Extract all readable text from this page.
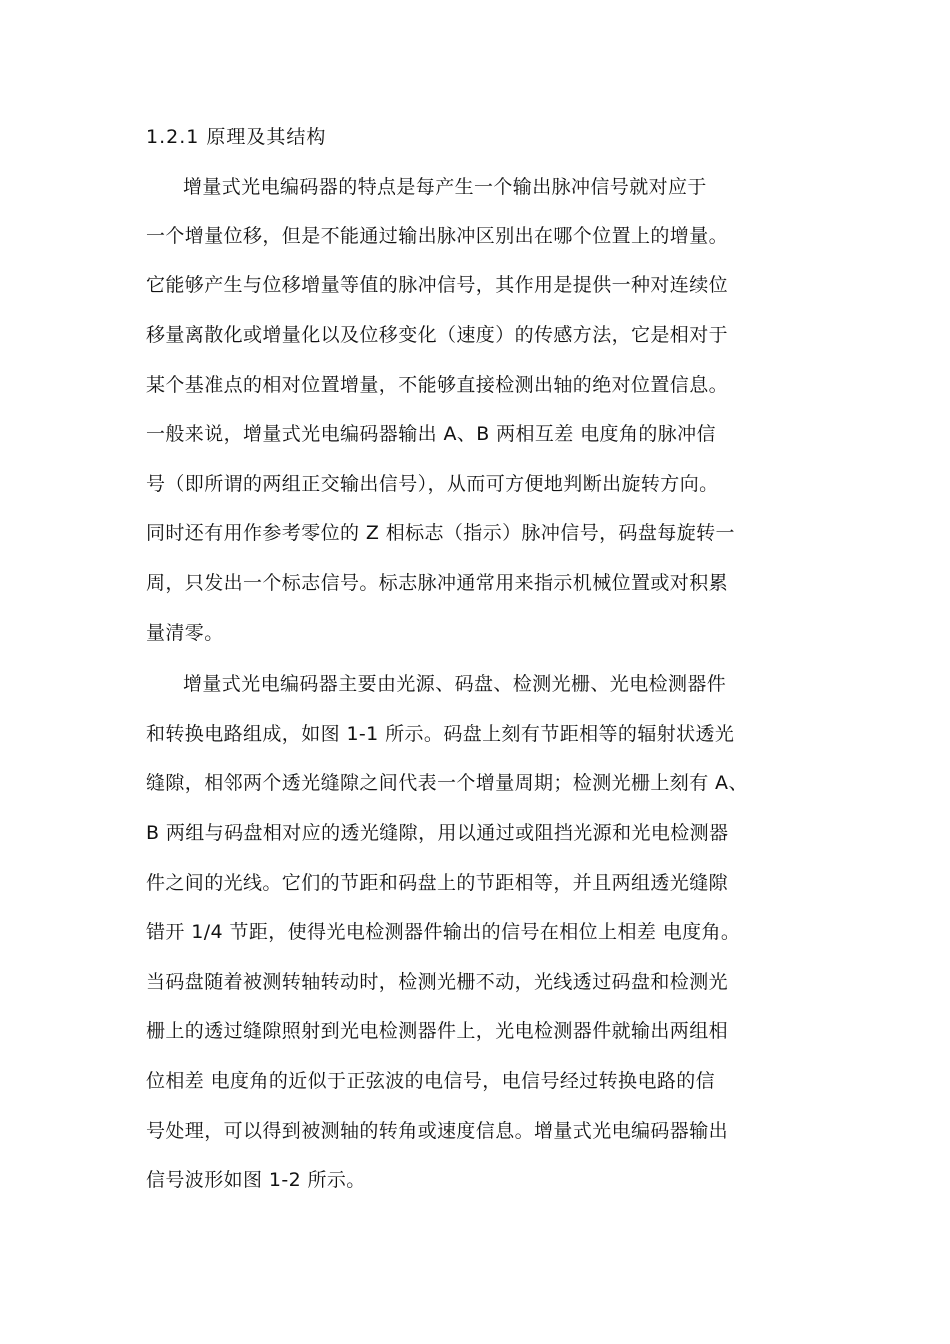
1.2.1 原理及其结构
增量式光电编码器的特点是每产生一个输出脉冲信号就对应于
一个增量位移，但是不能通过输出脉冲区别出在哪个位置上的增量。
它能够产生与位移增量等值的脉冲信号，其作用是提供一种对连续位
移量离散化或增量化以及位移变化（速度）的传感方法，它是相对于
某个基准点的相对位置增量，不能够直接检测出轴的绝对位置信息。
一般来说，增量式光电编码器输出 A、B 两相互差 电度角的脉冲信
号（即所谓的两组正交输出信号），从而可方便地判断出旋转方向。
同时还有用作参考零位的 Z 相标志（指示）脉冲信号，码盘每旋转一
周，只发出一个标志信号。标志脉冲通常用来指示机械位置或对积累
量清零。
增量式光电编码器主要由光源、码盘、检测光栅、光电检测器件
和转换电路组成，如图 1-1 所示。码盘上刻有节距相等的辐射状透光
缝隙，相邻两个透光缝隙之间代表一个增量周期；检测光栅上刻有 A、
B 两组与码盘相对应的透光缝隙，用以通过或阻挡光源和光电检测器
件之间的光线。它们的节距和码盘上的节距相等，并且两组透光缝隙
错开 1/4 节距，使得光电检测器件输出的信号在相位上相差 电度角。
当码盘随着被测转轴转动时，检测光栅不动，光线透过码盘和检测光
栅上的透过缝隙照射到光电检测器件上，光电检测器件就输出两组相
位相差 电度角的近似于正弦波的电信号，电信号经过转换电路的信
号处理，可以得到被测轴的转角或速度信息。增量式光电编码器输出
信号波形如图 1-2 所示。
